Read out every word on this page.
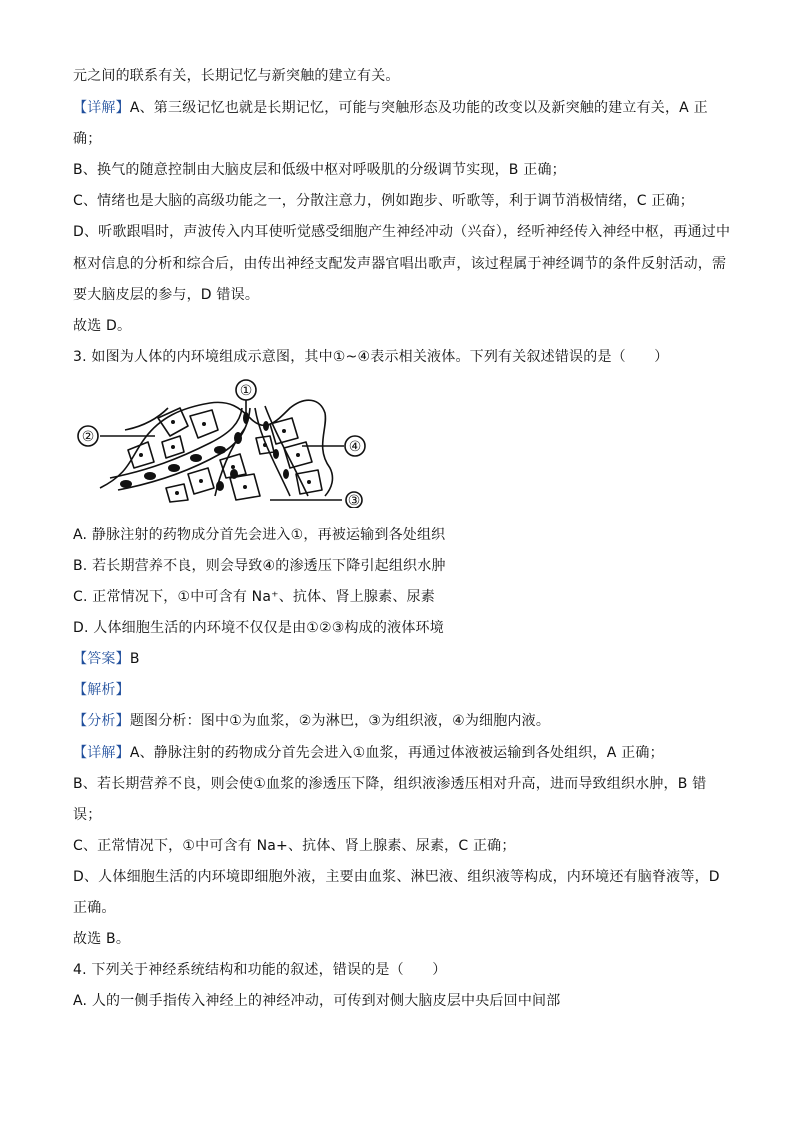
元之间的联系有关，长期记忆与新突触的建立有关。
【详解】A、第三级记忆也就是长期记忆，可能与突触形态及功能的改变以及新突触的建立有关，A 正
确；
B、换气的随意控制由大脑皮层和低级中枢对呼吸肌的分级调节实现，B 正确；
C、情绪也是大脑的高级功能之一，分散注意力，例如跑步、听歌等，利于调节消极情绪，C 正确；
D、听歌跟唱时，声波传入内耳使听觉感受细胞产生神经冲动（兴奋），经听神经传入神经中枢，再通过中
枢对信息的分析和综合后，由传出神经支配发声器官唱出歌声，该过程属于神经调节的条件反射活动，需
要大脑皮层的参与，D 错误。
故选 D。
3. 如图为人体的内环境组成示意图，其中①~④表示相关液体。下列有关叙述错误的是（　　）
①
②
④
③
A. 静脉注射的药物成分首先会进入①，再被运输到各处组织
B. 若长期营养不良，则会导致④的渗透压下降引起组织水肿
C. 正常情况下，①中可含有 Na⁺、抗体、肾上腺素、尿素
D. 人体细胞生活的内环境不仅仅是由①②③构成的液体环境
【答案】B
【解析】
【分析】题图分析：图中①为血浆，②为淋巴，③为组织液，④为细胞内液。
【详解】A、静脉注射的药物成分首先会进入①血浆，再通过体液被运输到各处组织，A 正确；
B、若长期营养不良，则会使①血浆的渗透压下降，组织液渗透压相对升高，进而导致组织水肿，B 错
误；
C、正常情况下，①中可含有 Na+、抗体、肾上腺素、尿素，C 正确；
D、人体细胞生活的内环境即细胞外液，主要由血浆、淋巴液、组织液等构成，内环境还有脑脊液等，D
正确。
故选 B。
4. 下列关于神经系统结构和功能的叙述，错误的是（　　）
A. 人的一侧手指传入神经上的神经冲动，可传到对侧大脑皮层中央后回中间部
